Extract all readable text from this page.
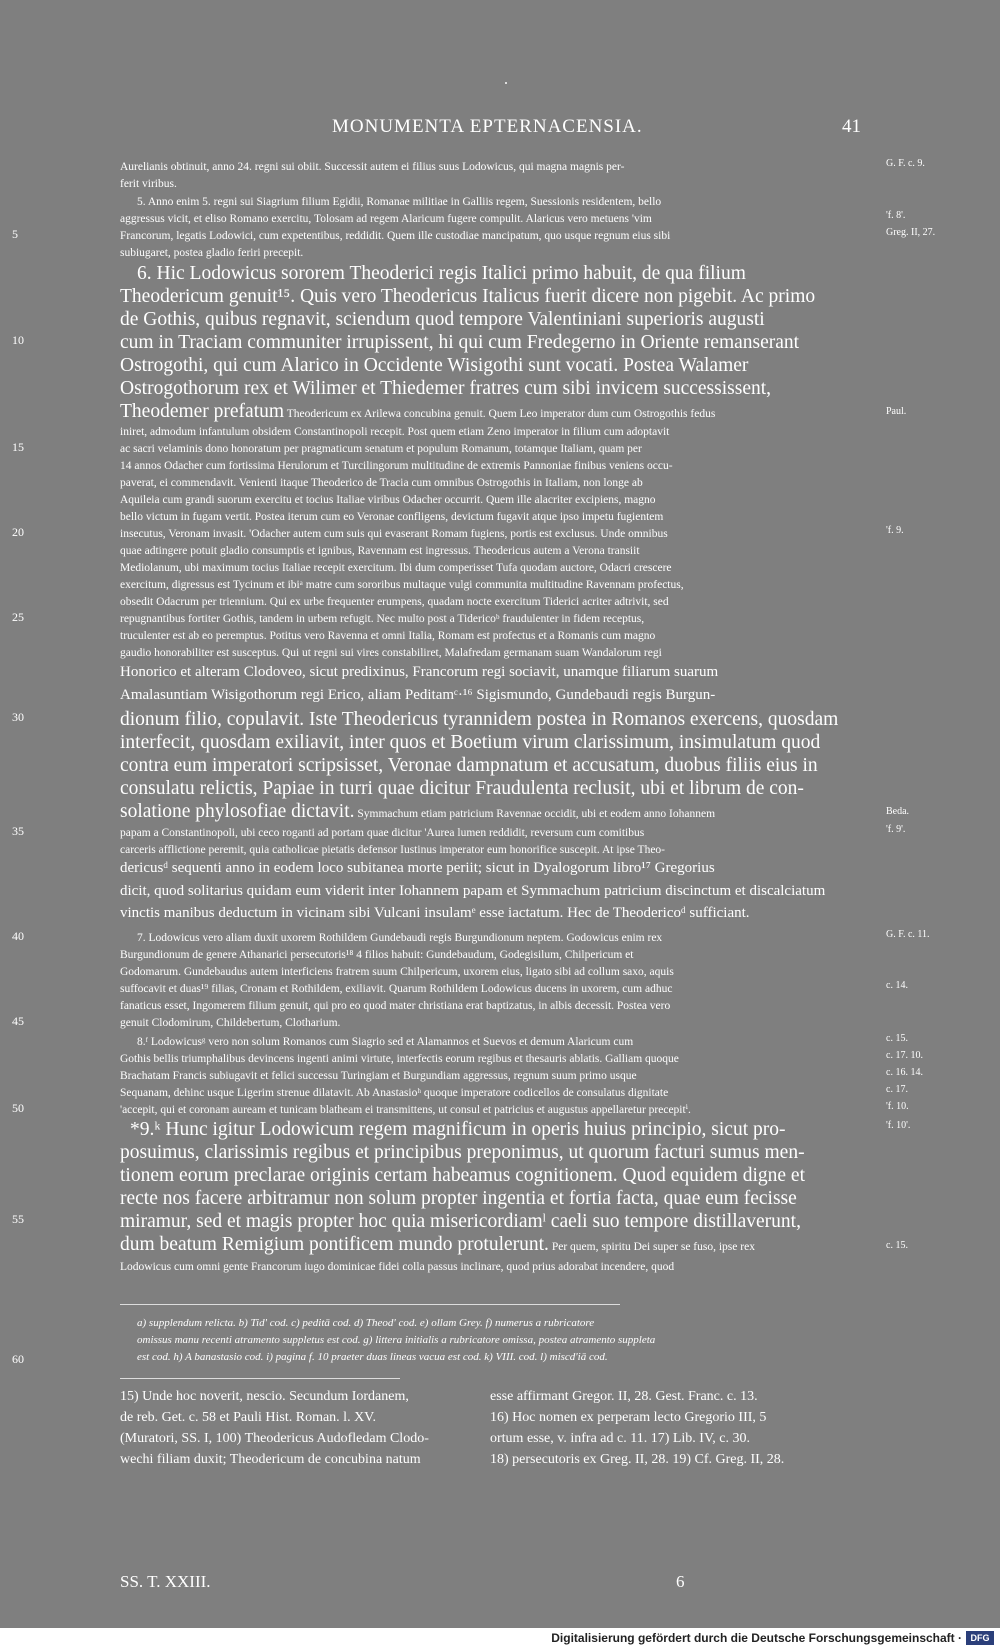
MONUMENTA EPTERNACENSIA.	41
Aurelianis obtinuit, anno 24. regni sui obiit. Successit autem ei filius suus Lodowicus, qui magna magnis per-
ferit viribus.
5. Anno enim 5. regni sui Siagrium filium Egidii, Romanae militiae in Galliis regem, Suessionis residentem, bello
aggressus vicit, et eliso Romano exercitu, Tolosam ad regem Alaricum fugere compulit. Alaricus vero metuens 'vim
Francorum, legatis Lodowici, cum expetentibus, reddidit. Quem ille custodiae mancipatum, quo usque regnum eius sibi
subiugaret, postea gladio feriri precepit.
6. Hic Lodowicus sororem Theoderici regis Italici primo habuit, de qua filium
Theodericum genuit¹⁵. Quis vero Theodericus Italicus fuerit dicere non pigebit. Ac primo
de Gothis, quibus regnavit, sciendum quod tempore Valentiniani superioris augusti
cum in Traciam communiter irrupissent, hi qui cum Fredegerno in Oriente remanserant
Ostrogothi, qui cum Alarico in Occidente Wisigothi sunt vocati. Postea Walamer
Ostrogothorum rex et Wilimer et Thiedemer fratres cum sibi invicem successissent,
Theodemer prefatum Theodericum ex Arilewa concubina genuit. Quem Leo imperator dum cum Ostrogothis fedus
iniret, admodum infantulum obsidem Constantinopoli recepit. Post quem etiam Zeno imperator in filium cum adoptavit
ac sacri velaminis dono honoratum per pragmaticum senatum et populum Romanum, totamque Italiam, quam per
14 annos Odacher cum fortissima Herulorum et Turcilingorum multitudine de extremis Pannoniae finibus veniens occu-
paverat, ei commendavit. Venienti itaque Theoderico de Tracia cum omnibus Ostrogothis in Italiam, non longe ab
Aquileia cum grandi suorum exercitu et tocius Italiae viribus Odacher occurrit. Quem ille alacriter excipiens, magno
bello victum in fugam vertit. Postea iterum cum eo Veronae confligens, devictum fugavit atque ipso impetu fugientem
insecutus, Veronam invasit. 'Odacher autem cum suis qui evaserant Romam fugiens, portis est exclusus. Unde omnibus
quae adtingere potuit gladio consumptis et ignibus, Ravennam est ingressus. Theodericus autem a Verona transiit
Mediolanum, ubi maximum tocius Italiae recepit exercitum. Ibi dum comperisset Tufa quodam auctore, Odacri crescere
exercitum, digressus est Tycinum et ibiᵃ matre cum sororibus multaque vulgi communita multitudine Ravennam profectus,
obsedit Odacrum per triennium. Qui ex urbe frequenter erumpens, quadam nocte exercitum Tiderici acriter adtrivit, sed
repugnantibus fortiter Gothis, tandem in urbem refugit. Nec multo post a Tidericoᵇ fraudulenter in fidem receptus,
truculenter est ab eo peremptus. Potitus vero Ravenna et omni Italia, Romam est profectus et a Romanis cum magno
gaudio honorabiliter est susceptus. Qui ut regni sui vires constabiliret, Malafredam germanam suam Wandalorum regi
Honorico et alteram Clodoveo, sicut predixinus, Francorum regi sociavit, unamque filiarum suarum
Amalasuntiam Wisigothorum regi Erico, aliam Peditamᶜ·¹⁶ Sigismundo, Gundebaudi regis Burgun-
dionum filio, copulavit. Iste Theodericus tyrannidem postea in Romanos exercens, quosdam
interfecit, quosdam exiliavit, inter quos et Boetium virum clarissimum, insimulatum quod
contra eum imperatori scripsisset, Veronae dampnatum et accusatum, duobus filiis eius in
consulatu relictis, Papiae in turri quae dicitur Fraudulenta reclusit, ubi et librum de con-
solatione phylosofiae dictavit. Symmachum etiam patricium Ravennae occidit, ubi et eodem anno Iohannem
papam a Constantinopoli, ubi ceco roganti ad portam quae dicitur 'Aurea lumen reddidit, reversum cum comitibus
carceris afflictione peremit, quia catholicae pietatis defensor Iustinus imperator eum honorifice suscepit. At ipse Theo-
dericusᵈ sequenti anno in eodem loco subitanea morte periit; sicut in Dyalogorum libro¹⁷ Gregorius
dicit, quod solitarius quidam eum viderit inter Iohannem papam et Symmachum patricium discinctum et discalciatum
vinctis manibus deductum in vicinam sibi Vulcani insulamᵉ esse iactatum. Hec de Theodericoᵈ sufficiant.
7. Lodowicus vero aliam duxit uxorem Rothildem Gundebaudi regis Burgundionum neptem. Godowicus enim rex
Burgundionum de genere Athanarici persecutoris¹⁸ 4 filios habuit: Gundebaudum, Godegisilum, Chilpericum et
Godomarum. Gundebaudus autem interficiens fratrem suum Chilpericum, uxorem eius, ligato sibi ad collum saxo, aquis
suffocavit et duas¹⁹ filias, Cronam et Rothildem, exiliavit. Quarum Rothildem Lodowicus ducens in uxorem, cum adhuc
fanaticus esset, Ingomerem filium genuit, qui pro eo quod mater christiana erat baptizatus, in albis decessit. Postea vero
genuit Clodomirum, Childebertum, Clotharium.
8.ᶠ Lodowicusᵍ vero non solum Romanos cum Siagrio sed et Alamannos et Suevos et demum Alaricum cum
Gothis bellis triumphalibus devincens ingenti animi virtute, interfectis eorum regibus et thesauris ablatis. Galliam quoque
Brachatam Francis subiugavit et felici successu Turingiam et Burgundiam aggressus, regnum suum primo usque
Sequanam, dehinc usque Ligerim strenue dilatavit. Ab Anastasioʰ quoque imperatore codicellos de consulatus dignitate
'accepit, qui et coronam auream et tunicam blatheam ei transmittens, ut consul et patricius et augustus appellaretur precepitⁱ.
*9.ᵏ Hunc igitur Lodowicum regem magnificum in operis huius principio, sicut pro-
posuimus, clarissimis regibus et principibus preponimus, ut quorum facturi sumus men-
tionem eorum preclarae originis certam habeamus cognitionem. Quod equidem digne et
recte nos facere arbitramur non solum propter ingentia et fortia facta, quae eum fecisse
miramur, sed et magis propter hoc quia misericordiamˡ caeli suo tempore distillaverunt,
dum beatum Remigium pontificem mundo protulerunt. Per quem, spiritu Dei super se fuso, ipse rex
Lodowicus cum omni gente Francorum iugo dominicae fidei colla passus inclinare, quod prius adorabat incendere, quod
5
10
15
20
25
30
35
40
45
50
55
60
G. F. c. 9.
'f. 8'.
Greg. II, 27.
Paul.
'f. 9.
Beda.
'f. 9'.
G. F. c. 11.
c. 14.
c. 15.
c. 17. 10.
c. 16. 14.
c. 17.
'f. 10.
'f. 10'.
c. 15.
a) supplendum relicta. b) Tid' cod. c) peditā cod. d) Theod' cod. e) ollam Grey. f) numerus a rubricatore
omissus manu recenti atramento suppletus est cod. g) littera initialis a rubricatore omissa, postea atramento suppleta
est cod. h) A banastasio cod. i) pagina f. 10 praeter duas lineas vacua est cod. k) VIII. cod. l) miscd'iā cod.
15) Unde hoc noverit, nescio. Secundum Iordanem,
de reb. Get. c. 58 et Pauli Hist. Roman. l. XV.
(Muratori, SS. I, 100) Theodericus Audofledam Clodo-
wechi filiam duxit; Theodericum de concubina natum
esse affirmant Gregor. II, 28. Gest. Franc. c. 13.
16) Hoc nomen ex perperam lecto Gregorio III, 5
ortum esse, v. infra ad c. 11. 17) Lib. IV, c. 30.
18) persecutoris ex Greg. II, 28. 19) Cf. Greg. II, 28.
SS. T. XXIII.	6
Digitalisierung gefördert durch die Deutsche Forschungsgemeinschaft · DFG
